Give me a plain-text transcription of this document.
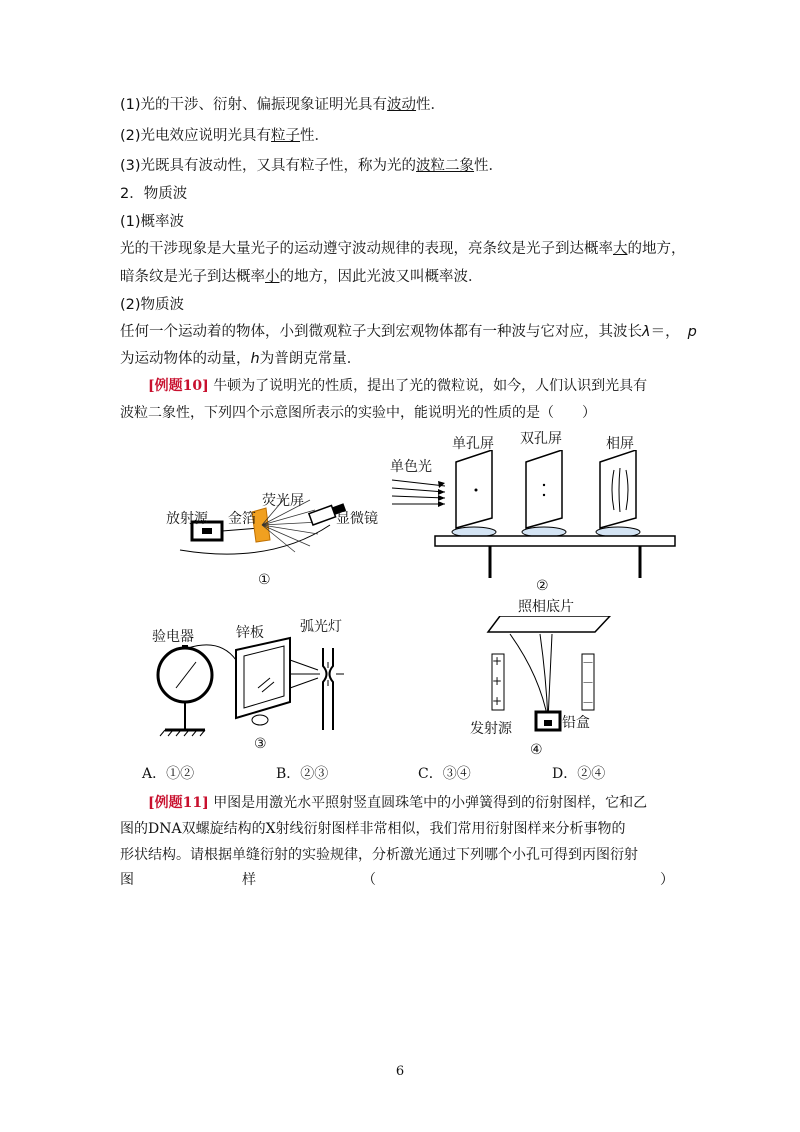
(1)光的干涉、衍射、偏振现象证明光具有波动性．
(2)光电效应说明光具有粒子性．
(3)光既具有波动性，又具有粒子性，称为光的波粒二象性．
2．物质波
(1)概率波
光的干涉现象是大量光子的运动遵守波动规律的表现，亮条纹是光子到达概率大的地方，
暗条纹是光子到达概率小的地方，因此光波又叫概率波．
(2)物质波
任何一个运动着的物体，小到微观粒子大到宏观物体都有一种波与它对应，其波长λ＝， p
为运动物体的动量，h为普朗克常量．
[例题10] 牛顿为了说明光的性质，提出了光的微粒说，如今，人们认识到光具有
波粒二象性，下列四个示意图所表示的实验中，能说明光的性质的是（　　）
放射源 金箔
荧光屏
显微镜
①
单色光
单孔屏 双孔屏	相屏
②
验电器	锌板	弧光灯
③
+
+
+
－
－
－
照相底片
发射源	铅盒
④
A．①②	B．②③	C．③④	D．②④
[例题11] 甲图是用激光水平照射竖直圆珠笔中的小弹簧得到的衍射图样，它和乙
图的DNA双螺旋结构的X射线衍射图样非常相似，我们常用衍射图样来分析事物的
形状结构。请根据单缝衍射的实验规律，分析激光通过下列哪个小孔可得到丙图衍射
图	样	（	）
6
